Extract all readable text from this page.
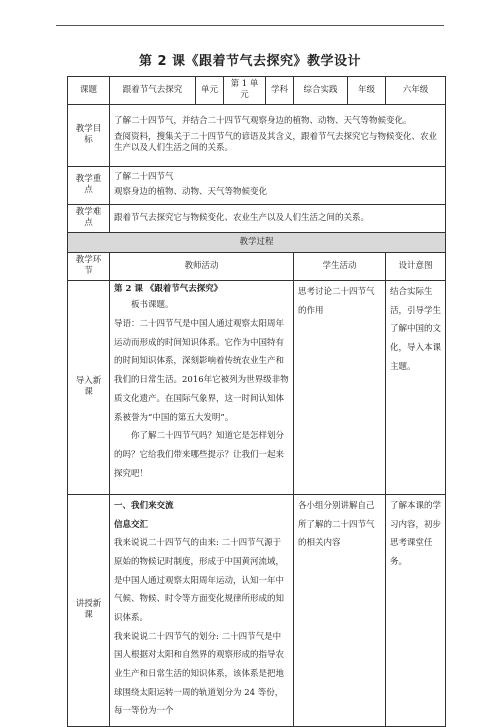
第 2 课《跟着节气去探究》教学设计
课题	跟着节气去探究	单元	第 1 单元	学科	综合实践	年级	六年级
教学目标	了解二十四节气，并结合二十四节气观察身边的植物、动物、天气等物候变化。

查阅资料，搜集关于二十四节气的谚语及其含义，跟着节气去探究它与物候变化、农业生产以及人们生活之间的关系。						

教学重点	了解二十四节气

观察身边的植物、动物、天气等物候变化						

教学难点	跟着节气去探究它与物候变化、农业生产以及人们生活之间的关系。						
教学过程							
教学环节	教师活动				学生活动		设计意图
导入新课	第 2 课 《跟着节气去探究》

板书课题。

导语：二十四节气是中国人通过观察太阳周年运动而形成的时间知识体系。它作为中国特有的时间知识体系，深刻影响着传统农业生产和我们的日常生活。2016年它被列为世界级非物质文化遗产。在国际气象界，这一时间认知体系被誉为“中国的第五大发明”。

你了解二十四节气吗？知道它是怎样划分的吗？它给我们带来哪些提示？让我们一起来探究吧！				思考讨论二十四节气的作用		结合实际生活，引导学生了解中国的文化，导入本课主题。

讲授新课	一、我们来交流

信息交汇

我来说说二十四节气的由来: 二十四节气源于原始的物候记时制度，形成于中国黄河流域，是中国人通过观察太阳周年运动，认知一年中气候、物候、时令等方面变化规律所形成的知识体系。

我来说说二十四节气的划分: 二十四节气是中国人根据对太阳和自然界的观察形成的指导农业生产和日常生活的知识体系，该体系是把地球围绕太阳运转一周的轨道划分为 24 等份，每一等份为一个				各小组分别讲解自己所了解的二十四节气的相关内容		了解本课的学习内容，初步思考课堂任务。
